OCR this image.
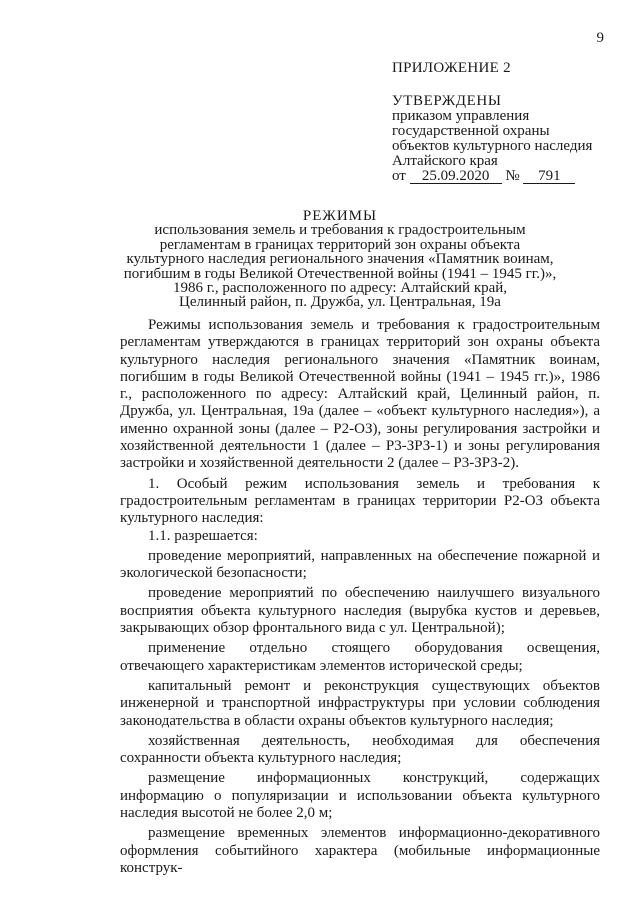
9
ПРИЛОЖЕНИЕ 2
УТВЕРЖДЕНЫ
приказом управления
государственной охраны
объектов культурного наследия
Алтайского края
от 25.09.2020 № 791
РЕЖИМЫ
использования земель и требования к градостроительным
регламентам в границах территорий зон охраны объекта
культурного наследия регионального значения «Памятник воинам,
погибшим в годы Великой Отечественной войны (1941 – 1945 гг.)»,
1986 г., расположенного по адресу: Алтайский край,
Целинный район, п. Дружба, ул. Центральная, 19а

Режимы использования земель и требования к градостроительным регламентам утверждаются в границах территорий зон охраны объекта культурного наследия регионального значения «Памятник воинам, погибшим в годы Великой Отечественной войны (1941 – 1945 гг.)», 1986 г., расположенного по адресу: Алтайский край, Целинный район, п. Дружба, ул. Центральная, 19а (далее – «объект культурного наследия»), а именно охранной зоны (далее – Р2-ОЗ), зоны регулирования застройки и хозяйственной деятельности 1 (далее – Р3-ЗРЗ-1) и зоны регулирования застройки и хозяйственной деятельности 2 (далее – Р3-ЗРЗ-2).

1. Особый режим использования земель и требования к градостроительным регламентам в границах территории Р2-ОЗ объекта культурного наследия:

1.1. разрешается:

проведение мероприятий, направленных на обеспечение пожарной и экологической безопасности;

проведение мероприятий по обеспечению наилучшего визуального восприятия объекта культурного наследия (вырубка кустов и деревьев, закрывающих обзор фронтального вида с ул. Центральной);

применение отдельно стоящего оборудования освещения, отвечающего характеристикам элементов исторической среды;

капитальный ремонт и реконструкция существующих объектов инженерной и транспортной инфраструктуры при условии соблюдения законодательства в области охраны объектов культурного наследия;

хозяйственная деятельность, необходимая для обеспечения сохранности объекта культурного наследия;

размещение информационных конструкций, содержащих информацию о популяризации и использовании объекта культурного наследия высотой не более 2,0 м;

размещение временных элементов информационно-декоративного оформления событийного характера (мобильные информационные конструк-
